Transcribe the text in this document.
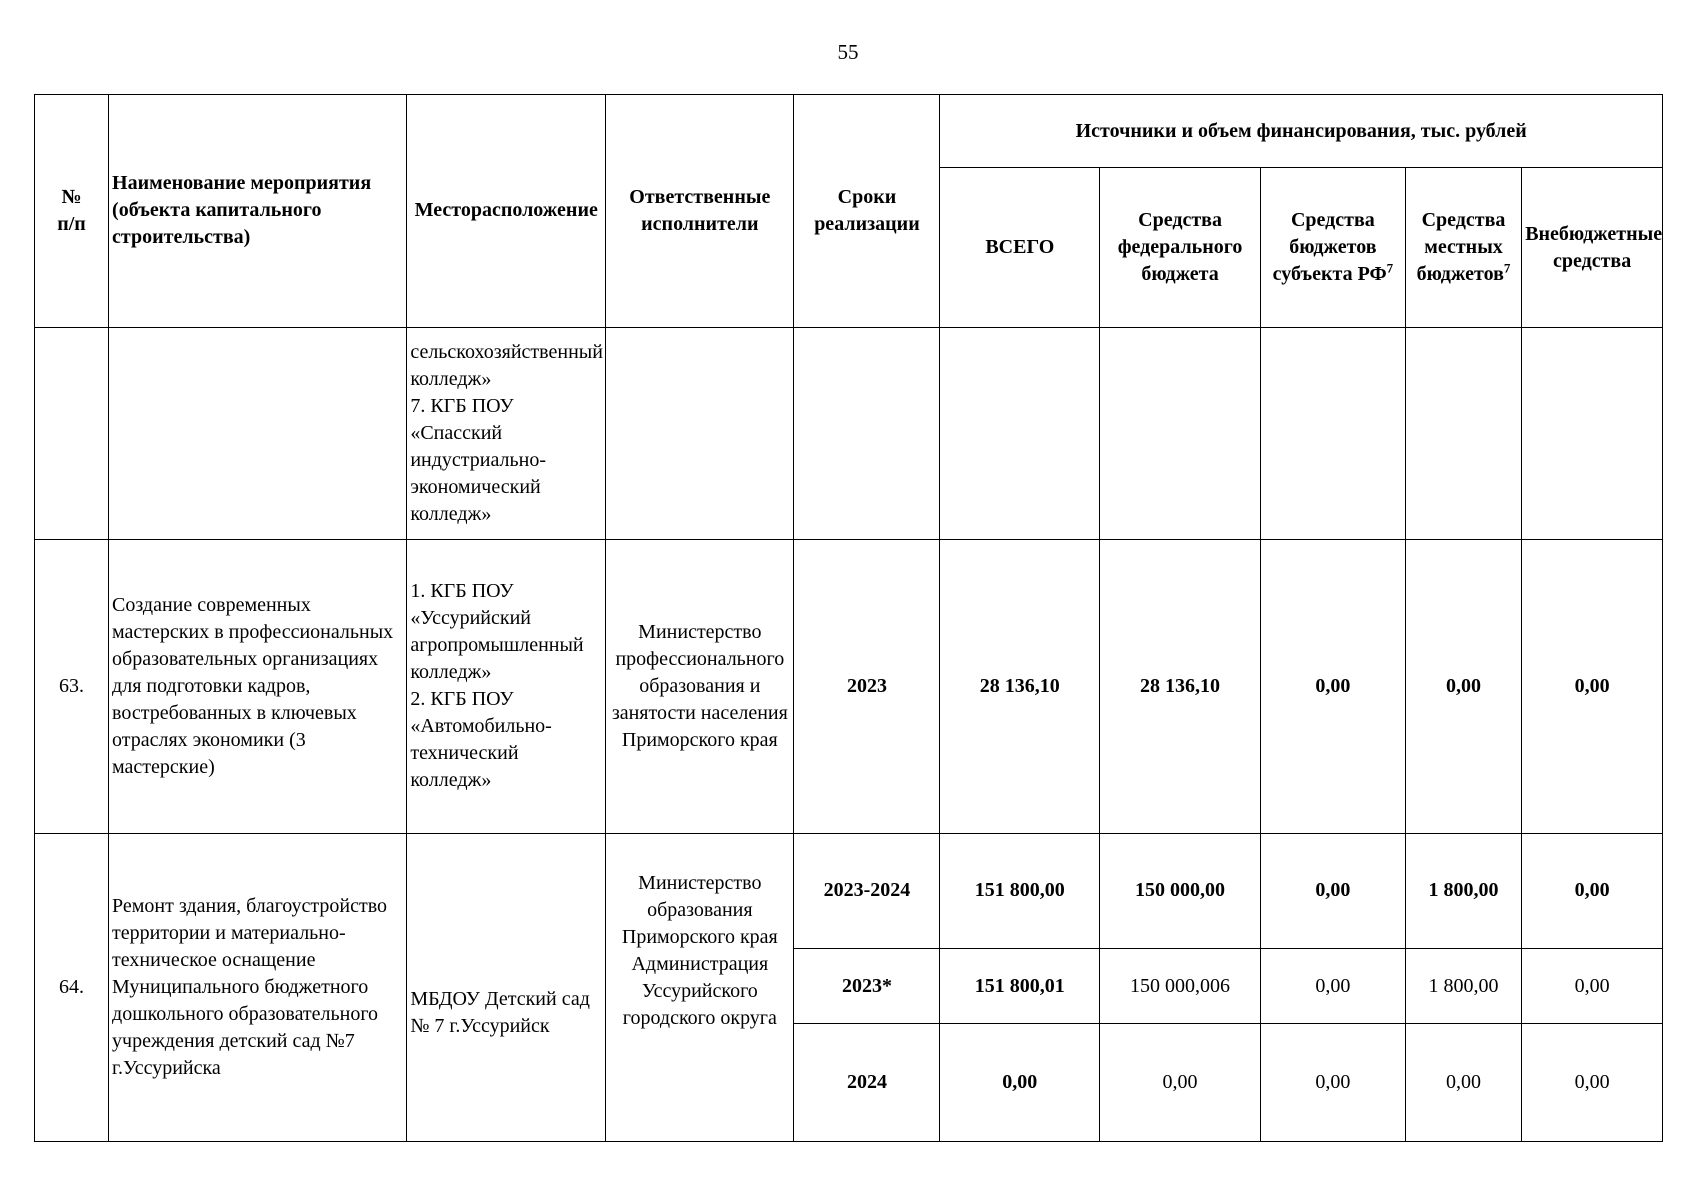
55
№
п/п	Наименование мероприятия (объекта капитального строительства)	Месторасположение	Ответственные исполнители	Сроки реализации	Источники и объем финансирования, тыс. рублей				
					ВСЕГО	Средства федерального бюджета	Средства бюджетов субъекта $РФ^7$	Средства местных бюджетов$^7$	Внебюджетные средства
		сельскохозяйственный колледж»
7. КГБ ПОУ «Спасский индустриально-экономический колледж»							
63.	Создание современных мастерских в профессиональных образовательных организациях для подготовки кадров, востребованных в ключевых отраслях экономики (3 мастерские)	1. КГБ ПОУ «Уссурийский агропромышленный колледж»
2. КГБ ПОУ «Автомобильно-технический колледж»	Министерство профессионального образования и занятости населения Приморского края	2023	28 136,10	28 136,10	0,00	0,00	0,00
64.	Ремонт здания, благоустройство территории и материально-техническое оснащение Муниципального бюджетного дошкольного образовательного учреждения детский сад №7 г.Уссурийска	МБДОУ Детский сад № 7 г.Уссурийск	Министерство образования Приморского края Администрация Уссурийского городского округа	2023-2024	151 800,00	150 000,00	0,00	1 800,00	0,00
				2023*	151 800,01	150 000,006	0,00	1 800,00	0,00
				2024	0,00	0,00	0,00	0,00	0,00
